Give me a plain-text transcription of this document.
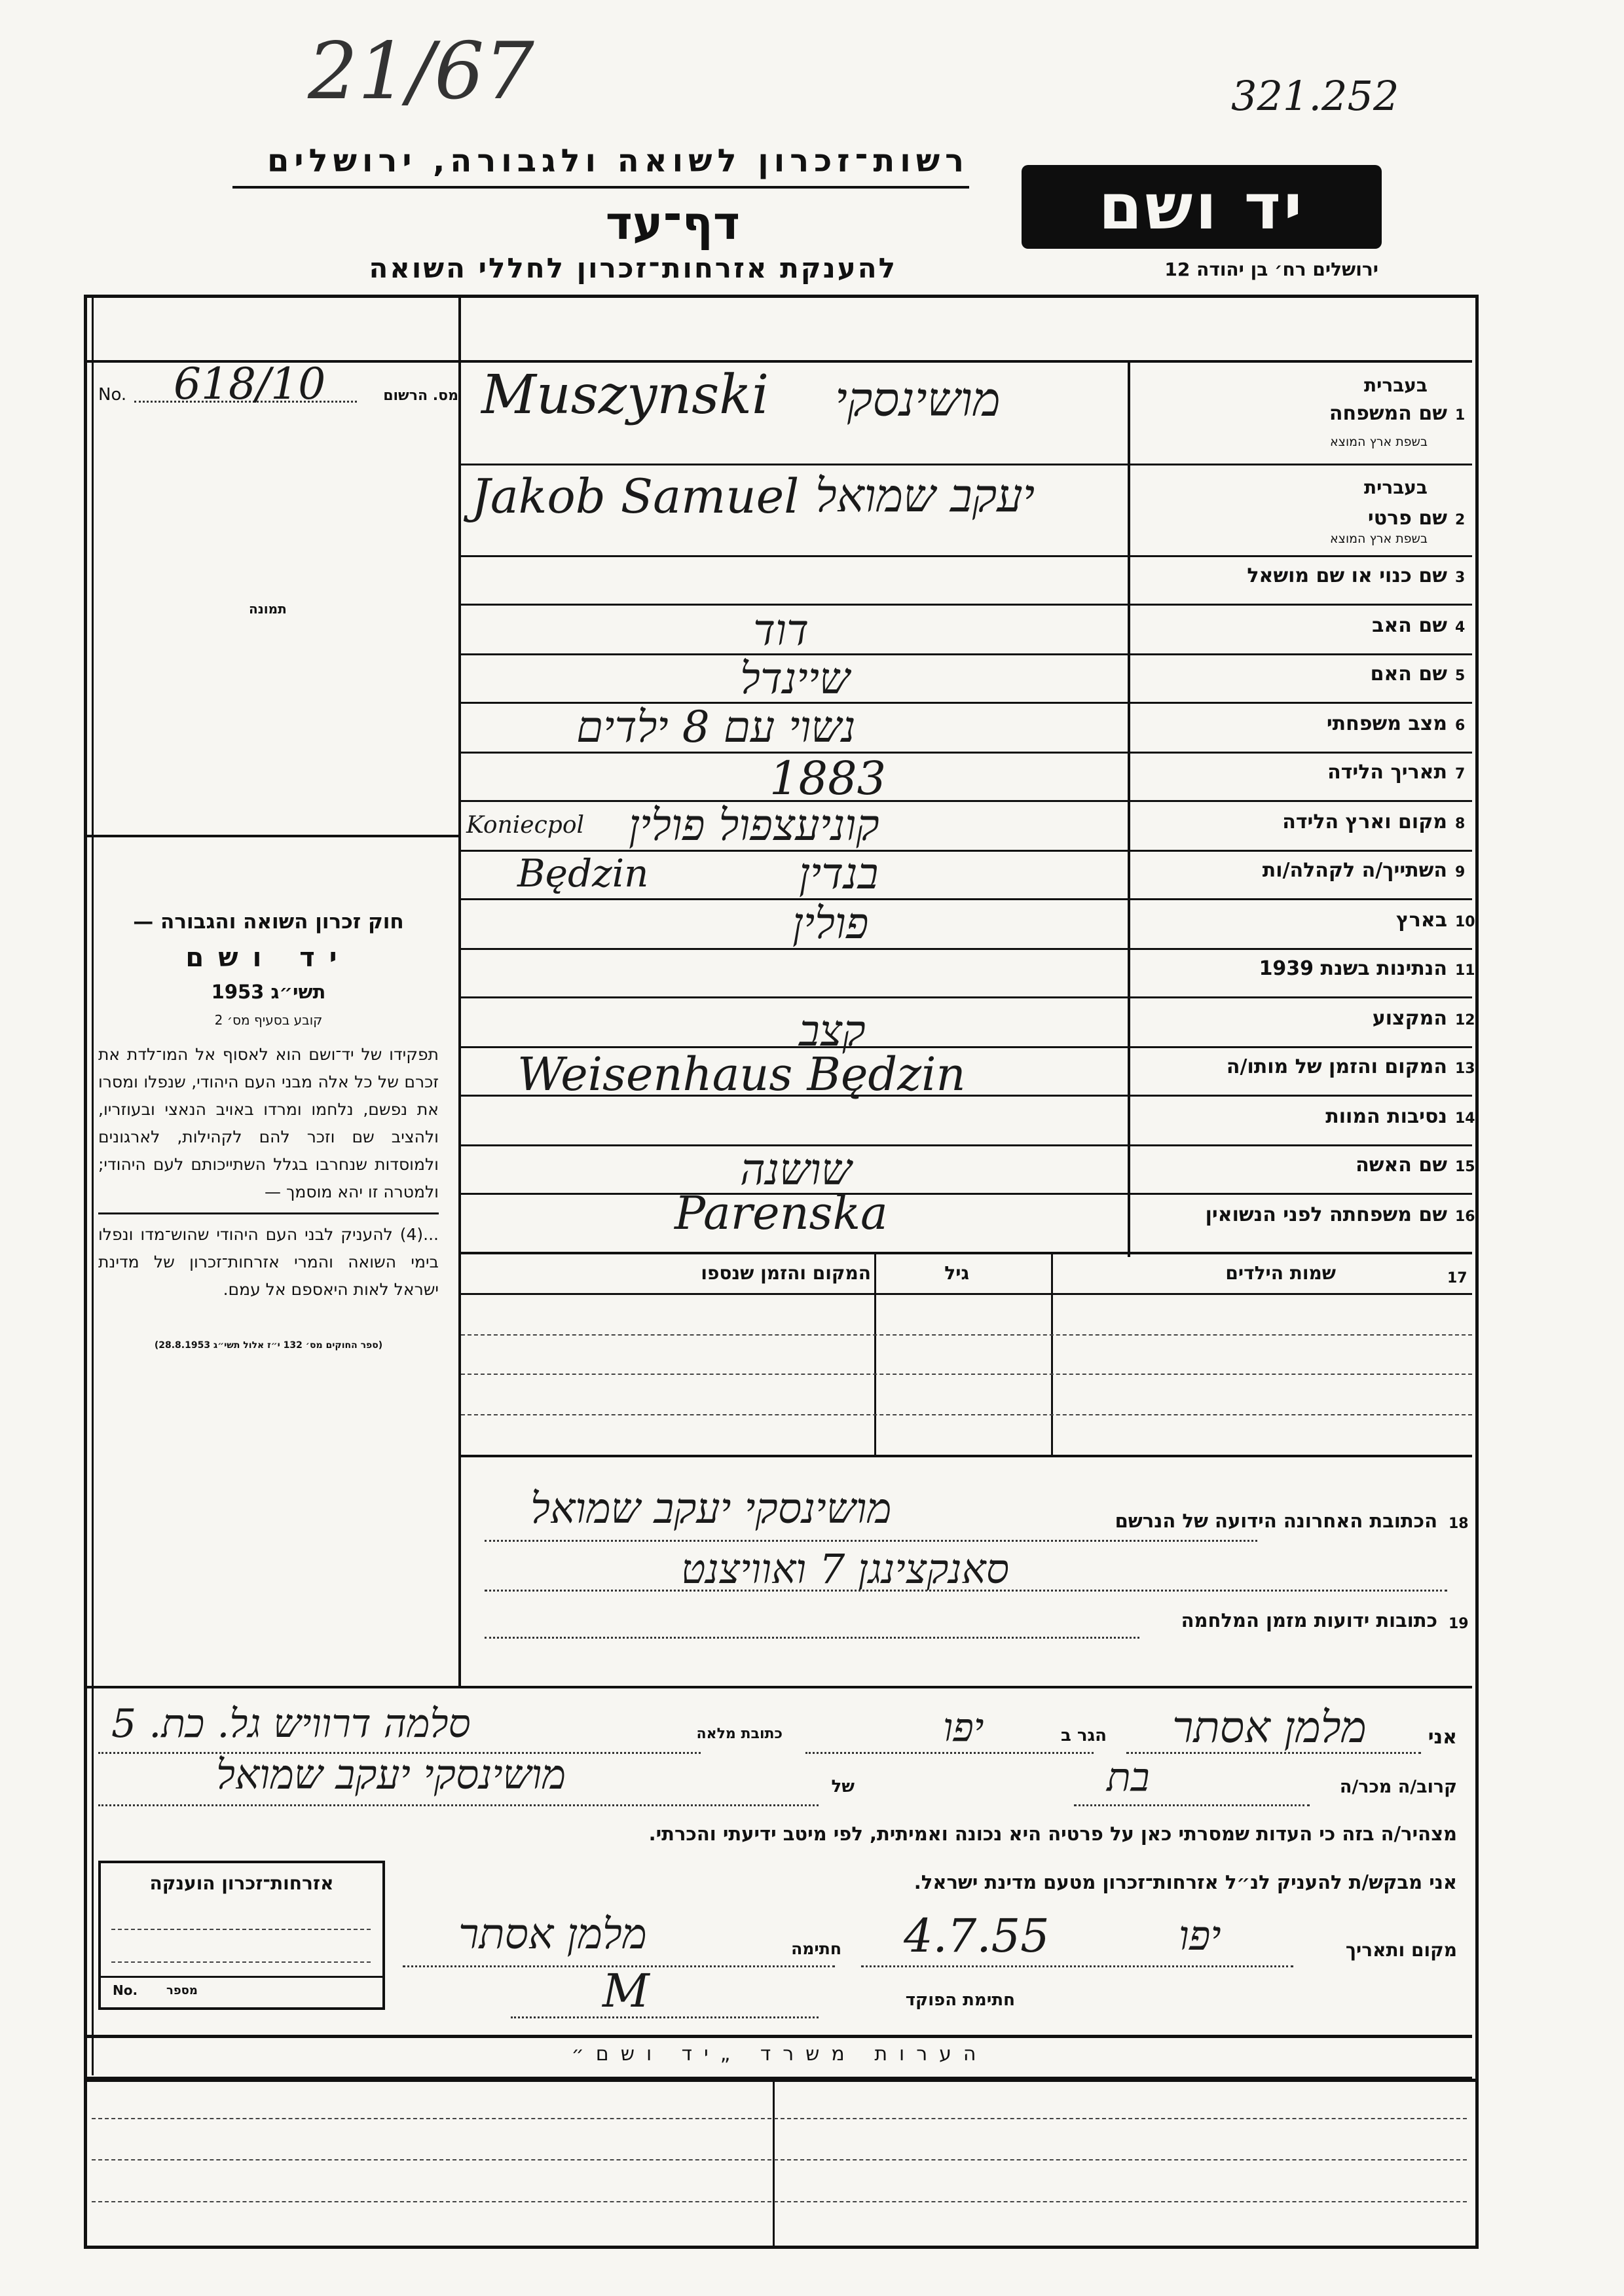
21/67	321.252
רשות־זכרון לשואה ולגבורה, ירושלים
דף־עד
להענקת אזרחות־זכרון לחללי השואה
יד ושם
ירושלים רח׳ בן יהודה 12
No. 618/10	מס. הרשום
תמונה
1
שם המשפחה
בעברית
בשפת ארץ המוצא
מושינסקי
Muszynski
2
שם פרטי
בעברית
בשפת ארץ המוצא
יעקב שמואל
Jakob Samuel
3
שם כנוי או שם מושאל
4
שם האב
דוד
5
שם האם
שיינדל
6
מצב משפחתי
נשוי עם 8 ילדים
7
תאריך הלידה
1883
8
מקום וארץ הלידה
קוניעצפול פולין
Koniecpol
9
השתייך/ה לקהלה/ות
בנדין
Będzin
10
בארץ
פולין
11
הנתינות בשנת 1939
12
המקצוע
קצב
13
המקום והזמן של מותו/ה
Weisenhaus Będzin
14
נסיבות המוות
15
שם האשה
שושנה
16
שם משפחתה לפני הנשואין
Parenska
17
שמות הילדים
גיל
המקום והזמן שנספו
18
הכתובת האחרונה הידועה של הנרשם
מושינסקי יעקב שמואל
סאנקצינגן 7 ואוויצנט
19
כתובות ידועות מזמן המלחמה
חוק זכרון השואה והגבורה —
יד ושם
תשי״ג 1953
קובע בסעיף מס׳ 2
תפקידו של יד־ושם הוא לאסוף אל המו־לדת את זכרם של כל אלה מבני העם היהודי, שנפלו ומסרו את נפשם, נלחמו ומרדו באויב הנאצי ובעוזריו, ולהציב שם וזכר להם לקהילות, לארגונים ולמוסדות שנחרבו בגלל השתייכותם לעם היהודי; ולמטרה זו יהא מוסמך —
...(4) להעניק לבני העם היהודי שהוש־מדו ונפלו בימי השואה והמרי אזרחות־זכרון של מדינת ישראל לאות היאספם אל עמם.
(ספר החוקים מס׳ 132 י״ז אלול תשי״ג 28.8.1953)
אני
מלמן אסתר
הגר ב
יפו
כתובת מלאה
סלמה דרוויש גל. כת. 5
קרוב/ה מכר/ה
בת
של
מושינסקי יעקב שמואל
מצהיר/ה בזה כי העדות שמסרתי כאן על פרטיה היא נכונה ואמיתית, לפי מיטב ידיעתי והכרתי.
אני מבקש/ת להעניק לנ״ל אזרחות־זכרון מטעם מדינת ישראל.
מקום ותאריך
יפו
4.7.55
חתימה
מלמן אסתר
חתימת הפוקד
M
אזרחות־זכרון הוענקה
No. מספר
הערות משרד „יד ושם״
